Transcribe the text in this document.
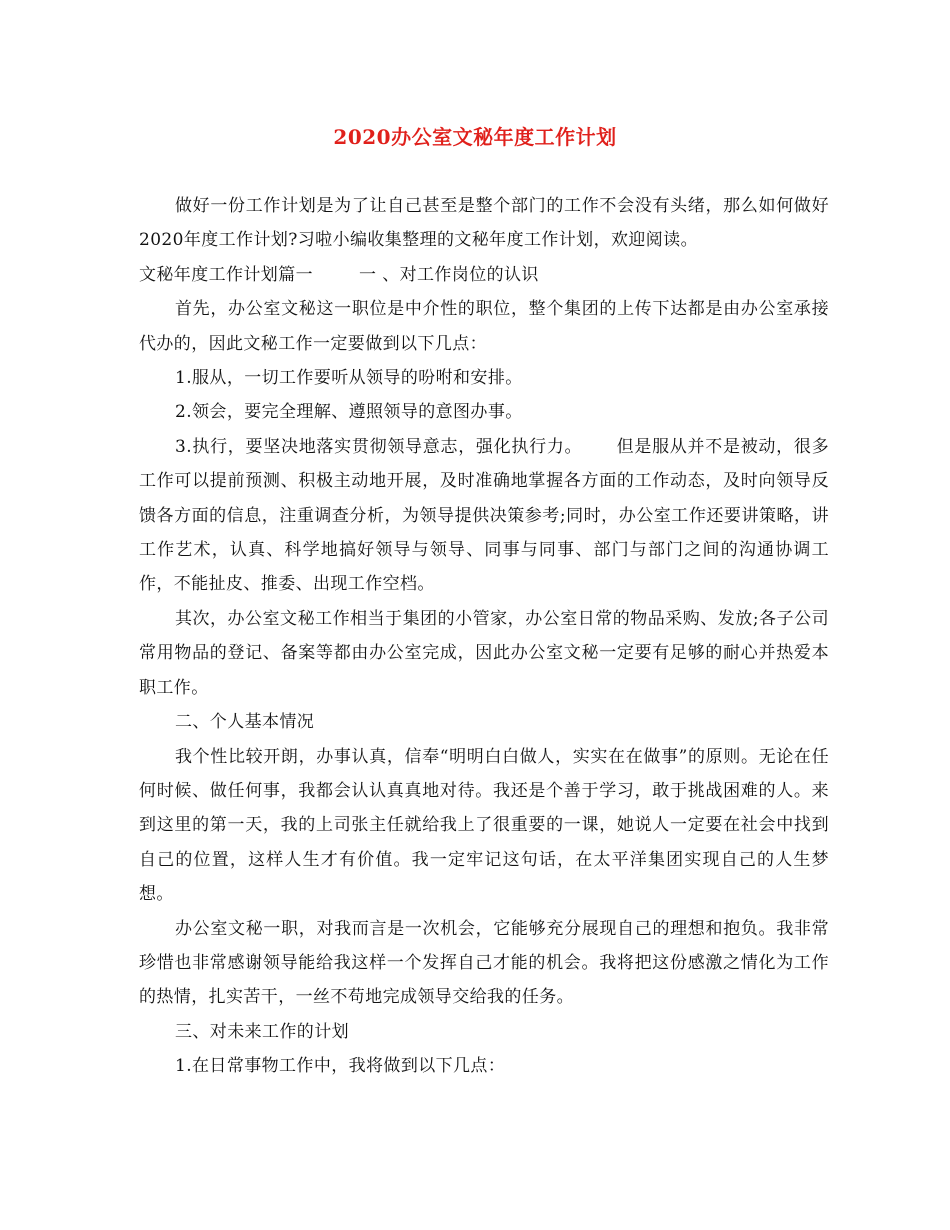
2020办公室文秘年度工作计划

做好一份工作计划是为了让自己甚至是整个部门的工作不会没有头绪，那么如何做好2020年度工作计划?习啦小编收集整理的文秘年度工作计划，欢迎阅读。

文秘年度工作计划篇一	一 、对工作岗位的认识

首先，办公室文秘这一职位是中介性的职位，整个集团的上传下达都是由办公室承接代办的，因此文秘工作一定要做到以下几点：

1.服从，一切工作要听从领导的吩咐和安排。

2.领会，要完全理解、遵照领导的意图办事。

3.执行，要坚决地落实贯彻领导意志，强化执行力。 但是服从并不是被动，很多工作可以提前预测、积极主动地开展，及时准确地掌握各方面的工作动态，及时向领导反馈各方面的信息，注重调查分析，为领导提供决策参考;同时，办公室工作还要讲策略，讲工作艺术，认真、科学地搞好领导与领导、同事与同事、部门与部门之间的沟通协调工作，不能扯皮、推委、出现工作空档。

其次，办公室文秘工作相当于集团的小管家，办公室日常的物品采购、发放;各子公司常用物品的登记、备案等都由办公室完成，因此办公室文秘一定要有足够的耐心并热爱本职工作。

二、个人基本情况

我个性比较开朗，办事认真，信奉“明明白白做人，实实在在做事”的原则。无论在任何时候、做任何事，我都会认认真真地对待。我还是个善于学习，敢于挑战困难的人。来到这里的第一天，我的上司张主任就给我上了很重要的一课，她说人一定要在社会中找到自己的位置，这样人生才有价值。我一定牢记这句话，在太平洋集团实现自己的人生梦想。

办公室文秘一职，对我而言是一次机会，它能够充分展现自己的理想和抱负。我非常珍惜也非常感谢领导能给我这样一个发挥自己才能的机会。我将把这份感激之情化为工作的热情，扎实苦干，一丝不苟地完成领导交给我的任务。

三、对未来工作的计划

1.在日常事物工作中，我将做到以下几点：
